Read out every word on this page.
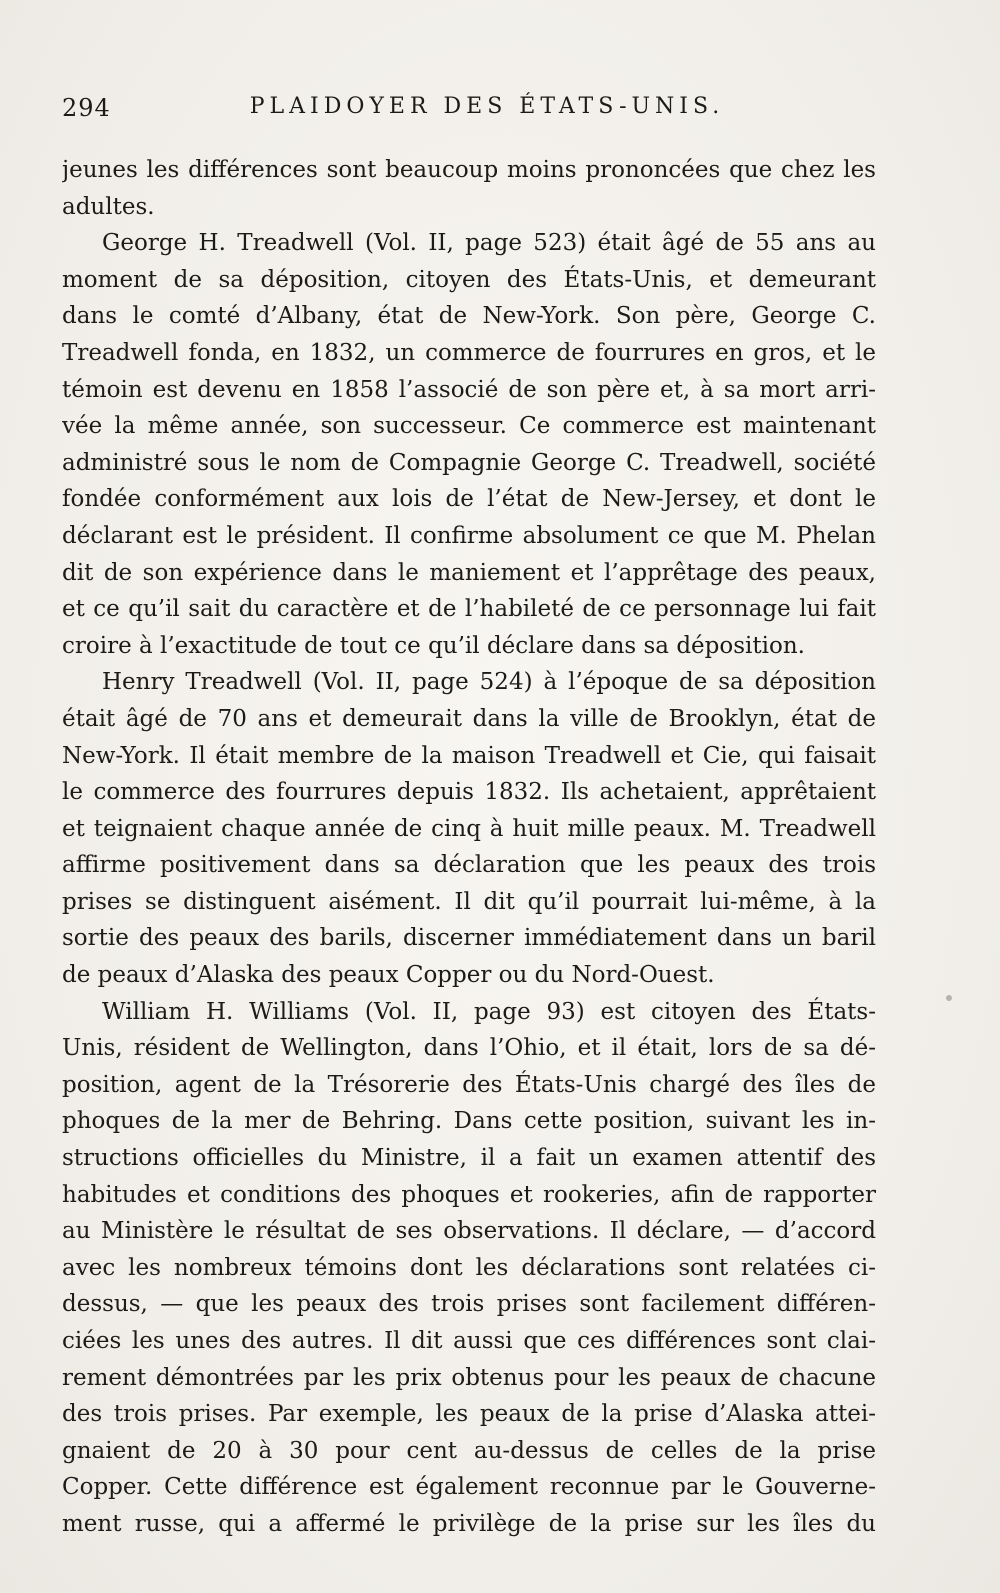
294	PLAIDOYER DES ÉTATS-UNIS.
jeunes les différences sont beaucoup moins prononcées que chez les
adultes.
George H. Treadwell (Vol. II, page 523) était âgé de 55 ans au
moment de sa déposition, citoyen des États-Unis, et demeurant
dans le comté d’Albany, état de New-York. Son père, George C.
Treadwell fonda, en 1832, un commerce de fourrures en gros, et le
témoin est devenu en 1858 l’associé de son père et, à sa mort arri-
vée la même année, son successeur. Ce commerce est maintenant
administré sous le nom de Compagnie George C. Treadwell, société
fondée conformément aux lois de l’état de New-Jersey, et dont le
déclarant est le président. Il confirme absolument ce que M. Phelan
dit de son expérience dans le maniement et l’apprêtage des peaux,
et ce qu’il sait du caractère et de l’habileté de ce personnage lui fait
croire à l’exactitude de tout ce qu’il déclare dans sa déposition.
Henry Treadwell (Vol. II, page 524) à l’époque de sa déposition
était âgé de 70 ans et demeurait dans la ville de Brooklyn, état de
New-York. Il était membre de la maison Treadwell et Cie, qui faisait
le commerce des fourrures depuis 1832. Ils achetaient, apprêtaient
et teignaient chaque année de cinq à huit mille peaux. M. Treadwell
affirme positivement dans sa déclaration que les peaux des trois
prises se distinguent aisément. Il dit qu’il pourrait lui-même, à la
sortie des peaux des barils, discerner immédiatement dans un baril
de peaux d’Alaska des peaux Copper ou du Nord-Ouest.
William H. Williams (Vol. II, page 93) est citoyen des États-
Unis, résident de Wellington, dans l’Ohio, et il était, lors de sa dé-
position, agent de la Trésorerie des États-Unis chargé des îles de
phoques de la mer de Behring. Dans cette position, suivant les in-
structions officielles du Ministre, il a fait un examen attentif des
habitudes et conditions des phoques et rookeries, afin de rapporter
au Ministère le résultat de ses observations. Il déclare, — d’accord
avec les nombreux témoins dont les déclarations sont relatées ci-
dessus, — que les peaux des trois prises sont facilement différen-
ciées les unes des autres. Il dit aussi que ces différences sont clai-
rement démontrées par les prix obtenus pour les peaux de chacune
des trois prises. Par exemple, les peaux de la prise d’Alaska attei-
gnaient de 20 à 30 pour cent au-dessus de celles de la prise
Copper. Cette différence est également reconnue par le Gouverne-
ment russe, qui a affermé le privilège de la prise sur les îles du
